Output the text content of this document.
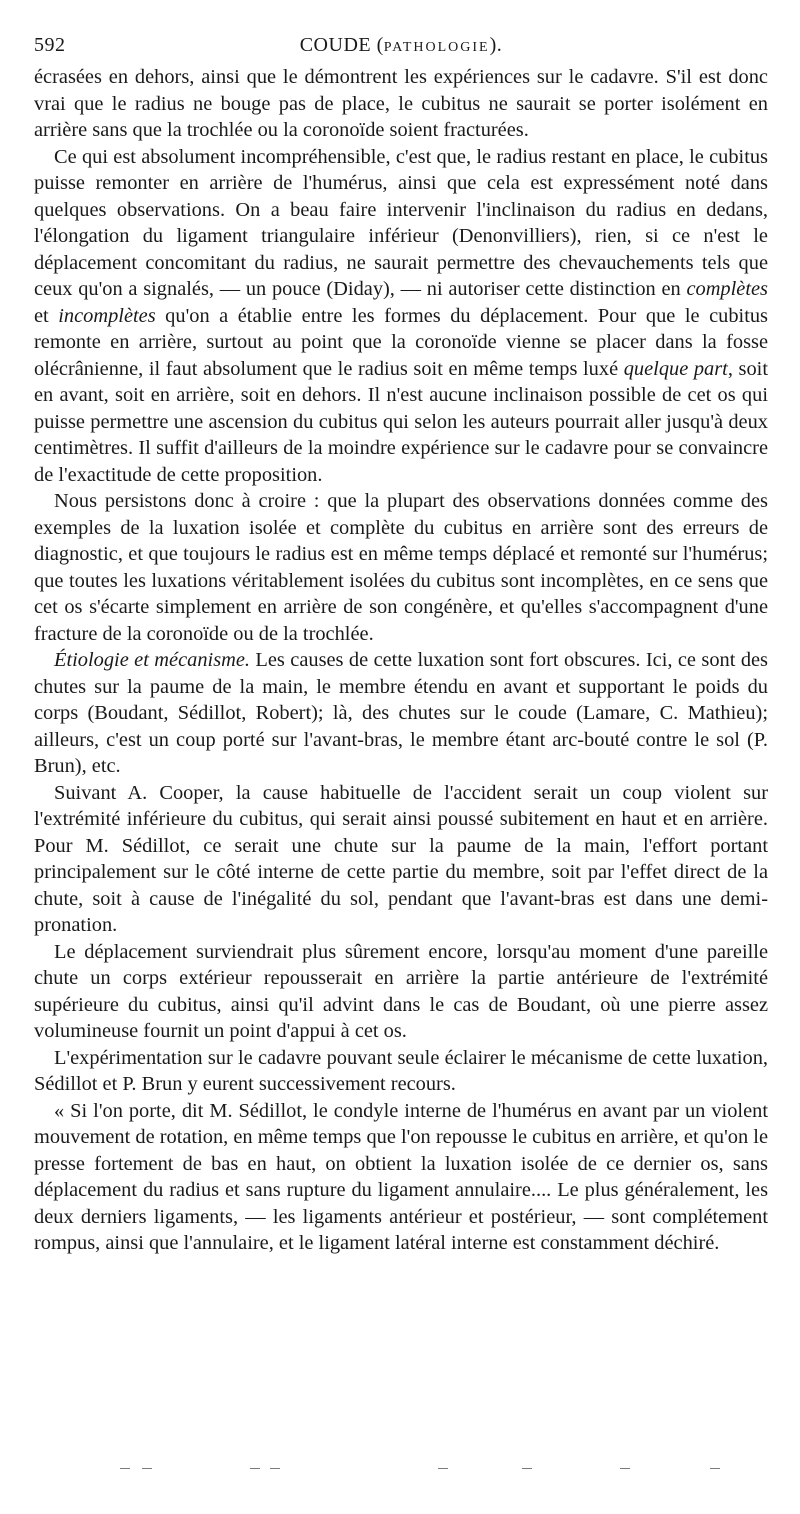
592	COUDE (PATHOLOGIE).

écrasées en dehors, ainsi que le démontrent les expériences sur le cadavre. S'il est donc vrai que le radius ne bouge pas de place, le cubitus ne saurait se porter isolément en arrière sans que la trochlée ou la coronoïde soient fracturées.

Ce qui est absolument incompréhensible, c'est que, le radius restant en place, le cubitus puisse remonter en arrière de l'humérus, ainsi que cela est expressément noté dans quelques observations. On a beau faire intervenir l'inclinaison du radius en dedans, l'élongation du ligament triangulaire inférieur (Denonvilliers), rien, si ce n'est le déplacement concomitant du radius, ne saurait permettre des chevauchements tels que ceux qu'on a signalés, — un pouce (Diday), — ni autoriser cette distinction en complètes et incomplètes qu'on a établie entre les formes du déplacement. Pour que le cubitus remonte en arrière, surtout au point que la coronoïde vienne se placer dans la fosse olécrânienne, il faut absolument que le radius soit en même temps luxé quelque part, soit en avant, soit en arrière, soit en dehors. Il n'est aucune inclinaison possible de cet os qui puisse permettre une ascension du cubitus qui selon les auteurs pourrait aller jusqu'à deux centimètres. Il suffit d'ailleurs de la moindre expérience sur le cadavre pour se convaincre de l'exactitude de cette proposition.

Nous persistons donc à croire : que la plupart des observations données comme des exemples de la luxation isolée et complète du cubitus en arrière sont des erreurs de diagnostic, et que toujours le radius est en même temps déplacé et remonté sur l'humérus; que toutes les luxations véritablement isolées du cubitus sont incomplètes, en ce sens que cet os s'écarte simplement en arrière de son congénère, et qu'elles s'accompagnent d'une fracture de la coronoïde ou de la trochlée.

Étiologie et mécanisme. Les causes de cette luxation sont fort obscures. Ici, ce sont des chutes sur la paume de la main, le membre étendu en avant et supportant le poids du corps (Boudant, Sédillot, Robert); là, des chutes sur le coude (Lamare, C. Mathieu); ailleurs, c'est un coup porté sur l'avant-bras, le membre étant arc-bouté contre le sol (P. Brun), etc.

Suivant A. Cooper, la cause habituelle de l'accident serait un coup violent sur l'extrémité inférieure du cubitus, qui serait ainsi poussé subitement en haut et en arrière. Pour M. Sédillot, ce serait une chute sur la paume de la main, l'effort portant principalement sur le côté interne de cette partie du membre, soit par l'effet direct de la chute, soit à cause de l'inégalité du sol, pendant que l'avant-bras est dans une demi-pronation.

Le déplacement surviendrait plus sûrement encore, lorsqu'au moment d'une pareille chute un corps extérieur repousserait en arrière la partie antérieure de l'extrémité supérieure du cubitus, ainsi qu'il advint dans le cas de Boudant, où une pierre assez volumineuse fournit un point d'appui à cet os.

L'expérimentation sur le cadavre pouvant seule éclairer le mécanisme de cette luxation, Sédillot et P. Brun y eurent successivement recours.

« Si l'on porte, dit M. Sédillot, le condyle interne de l'humérus en avant par un violent mouvement de rotation, en même temps que l'on repousse le cubitus en arrière, et qu'on le presse fortement de bas en haut, on obtient la luxation isolée de ce dernier os, sans déplacement du radius et sans rupture du ligament annulaire.... Le plus généralement, les deux derniers ligaments, — les ligaments antérieur et postérieur, — sont complétement rompus, ainsi que l'annulaire, et le ligament latéral interne est constamment déchiré.
